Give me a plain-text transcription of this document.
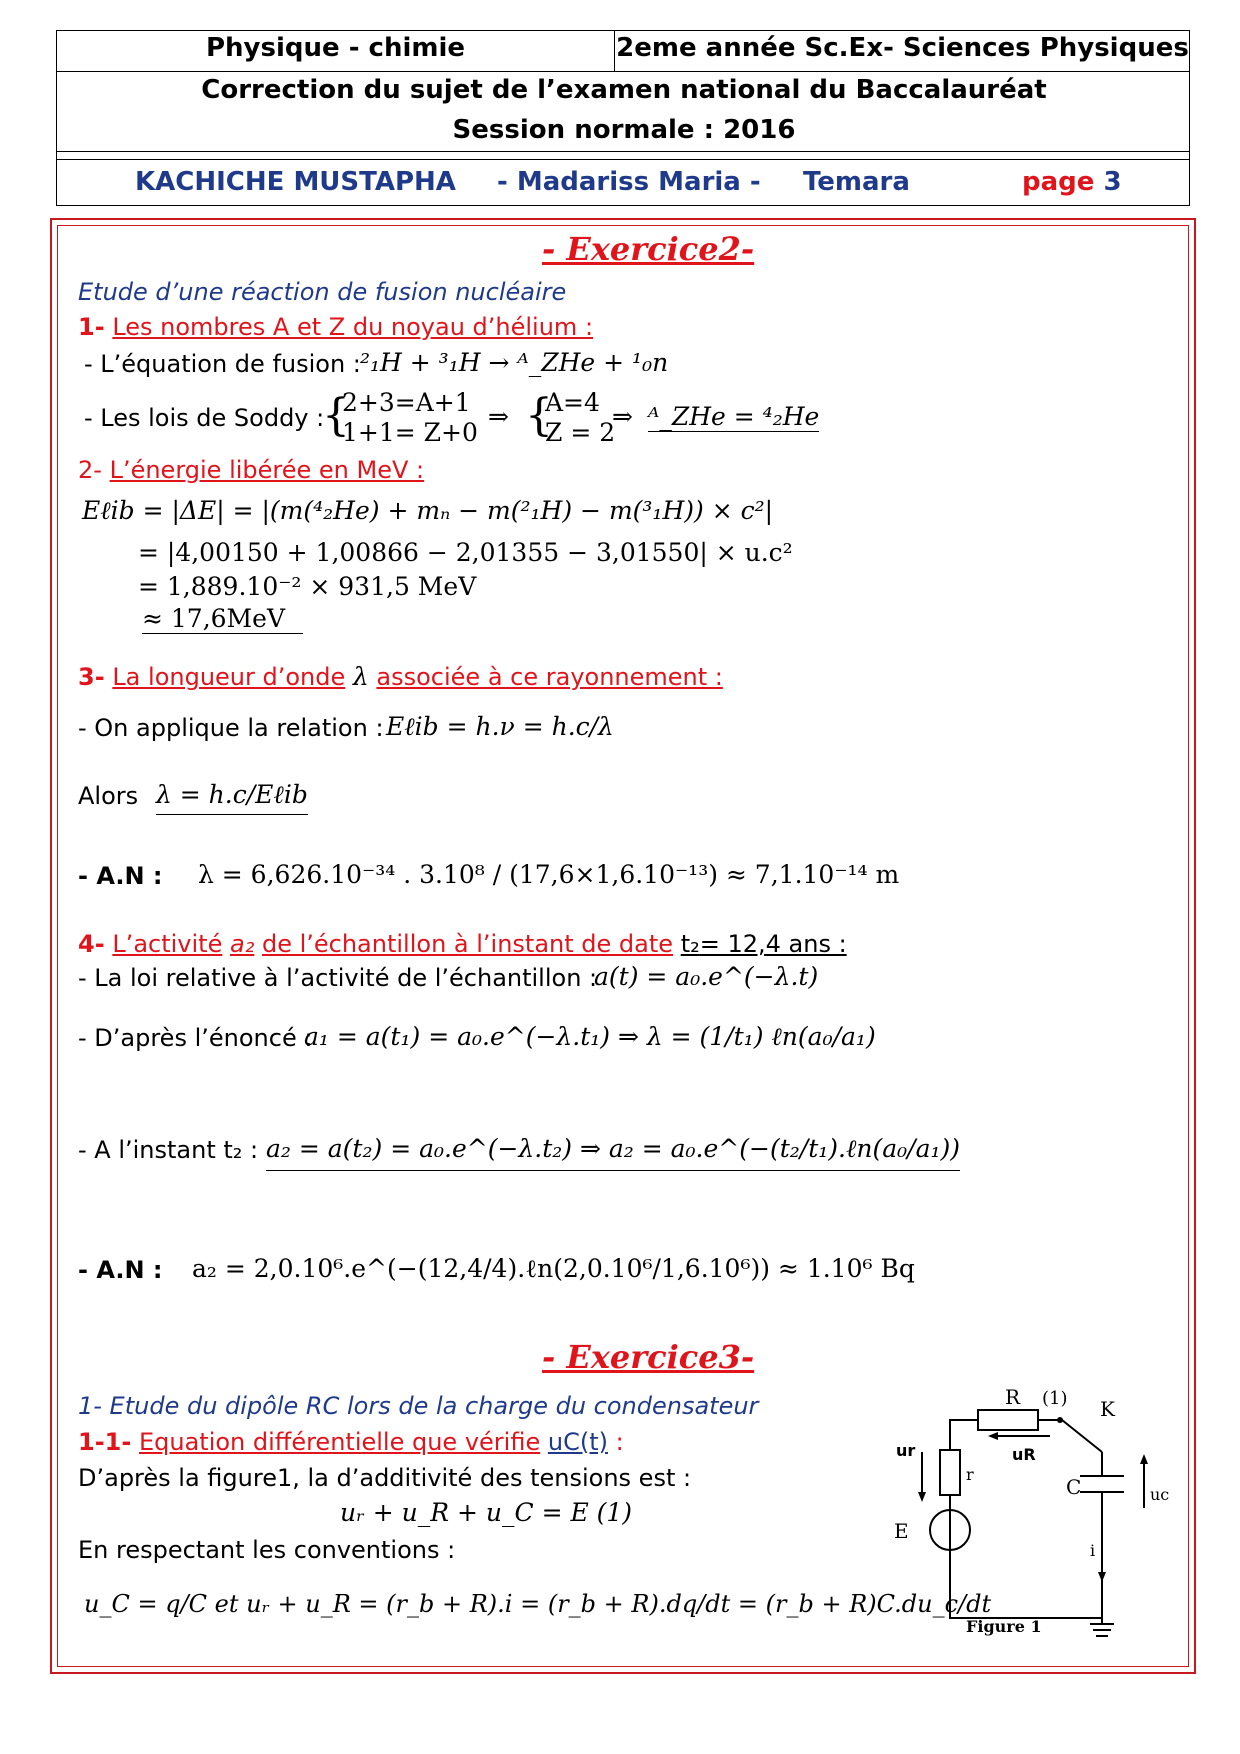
Physique - chimie	2eme année Sc.Ex- Sciences Physiques
Correction du sujet de l’examen national du Baccalauréat
Session normale : 2016
KACHICHE MUSTAPHA - Madariss Maria - Temara	page 3
- Exercice2-
Etude d’une réaction de fusion nucléaire
1- Les nombres A et Z du noyau d’hélium :
- L’équation de fusion : ²₁H + ³₁H → ᴬ_ZHe + ¹₀n
- Les lois de Soddy :
{
2+3=A+1
1+1= Z+0
⇒ {
A=4
Z = 2
⇒ ᴬ_ZHe = ⁴₂He
2- L’énergie libérée en MeV :
Eℓib = |ΔE| = |(m(⁴₂He) + mₙ − m(²₁H) − m(³₁H)) × c²|
= |4,00150 + 1,00866 − 2,01355 − 3,01550| × u.c²
= 1,889.10⁻² × 931,5 MeV
≈ 17,6MeV
3- La longueur d’onde λ associée à ce rayonnement :
- On applique la relation : Eℓib = h.ν = h.c/λ
Alors λ = h.c/Eℓib
- A.N : λ = 6,626.10⁻³⁴ . 3.10⁸ / (17,6×1,6.10⁻¹³) ≈ 7,1.10⁻¹⁴ m
4- L’activité a₂ de l’échantillon à l’instant de date t₂= 12,4 ans :
- La loi relative à l’activité de l’échantillon :
a(t) = a₀.e^(−λ.t)
- D’après l’énoncé :
a₁ = a(t₁) = a₀.e^(−λ.t₁) ⇒ λ = (1/t₁) ℓn(a₀/a₁)
- A l’instant t₂ : a₂ = a(t₂) = a₀.e^(−λ.t₂) ⇒ a₂ = a₀.e^(−(t₂/t₁).ℓn(a₀/a₁))
- A.N : a₂ = 2,0.10⁶.e^(−(12,4/4).ℓn(2,0.10⁶/1,6.10⁶)) ≈ 1.10⁶ Bq
- Exercice3-
1- Etude du dipôle RC lors de la charge du condensateur
1-1- Equation différentielle que vérifie uC(t) :
D’après la figure1, la d’additivité des tensions est :
uᵣ + u_R + u_C = E (1)
En respectant les conventions :
u_C = q/C et uᵣ + u_R = (r_b + R).i = (r_b + R).dq/dt = (r_b + R)C.du_c/dt
R (1) K
ur
r
uR
C	uc
E
i
Figure 1
